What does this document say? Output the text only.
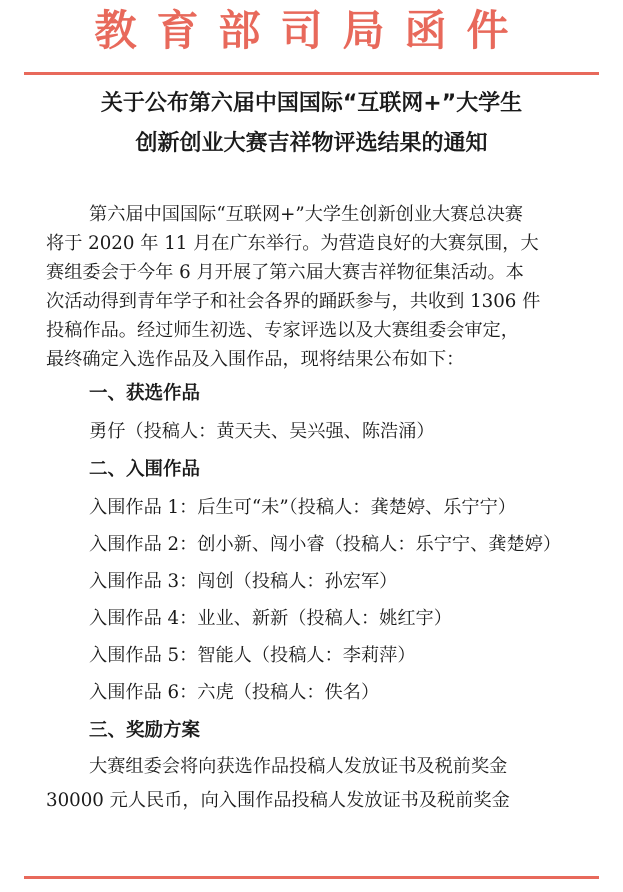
教育部司局函件
关于公布第六届中国国际“互联网+”大学生
创新创业大赛吉祥物评选结果的通知

第六届中国国际“互联网+”大学生创新创业大赛总决赛

将于 2020 年 11 月在广东举行。为营造良好的大赛氛围，大

赛组委会于今年 6 月开展了第六届大赛吉祥物征集活动。本

次活动得到青年学子和社会各界的踊跃参与，共收到 1306 件

投稿作品。经过师生初选、专家评选以及大赛组委会审定，

最终确定入选作品及入围作品，现将结果公布如下：

一、获选作品

勇仔（投稿人：黄天夫、吴兴强、陈浩涌）

二、入围作品

入围作品 1：后生可“未”（投稿人：龚楚婷、乐宁宁）

入围作品 2：创小新、闯小睿（投稿人：乐宁宁、龚楚婷）

入围作品 3：闯创（投稿人：孙宏军）

入围作品 4：业业、新新（投稿人：姚红宇）

入围作品 5：智能人（投稿人：李莉萍）

入围作品 6：六虎（投稿人：佚名）

三、奖励方案

大赛组委会将向获选作品投稿人发放证书及税前奖金

30000 元人民币，向入围作品投稿人发放证书及税前奖金
